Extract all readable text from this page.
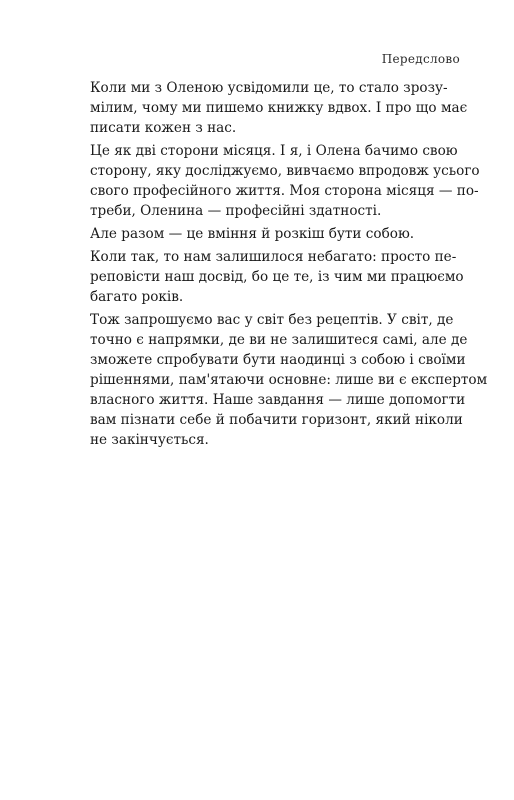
Передслово

Коли ми з Оленою усвідомили це, то стало зрозу-
мілим, чому ми пишемо книжку вдвох. І про що має
писати кожен з нас.

Це як дві сторони місяця. І я, і Олена бачимо свою
сторону, яку досліджуємо, вивчаємо впродовж усього
свого професійного життя. Моя сторона місяця — по-
треби, Оленина — професійні здатності.

Але разом — це вміння й розкіш бути собою.

Коли так, то нам залишилося небагато: просто пе-
реповісти наш досвід, бо це те, із чим ми працюємо
багато років.

Тож запрошуємо вас у світ без рецептів. У світ, де
точно є напрямки, де ви не залишитеся самі, але де
зможете спробувати бути наодинці з собою і своїми
рішеннями, пам'ятаючи основне: лише ви є експертом
власного життя. Наше завдання — лише допомогти
вам пізнати себе й побачити горизонт, який ніколи
не закінчується.
